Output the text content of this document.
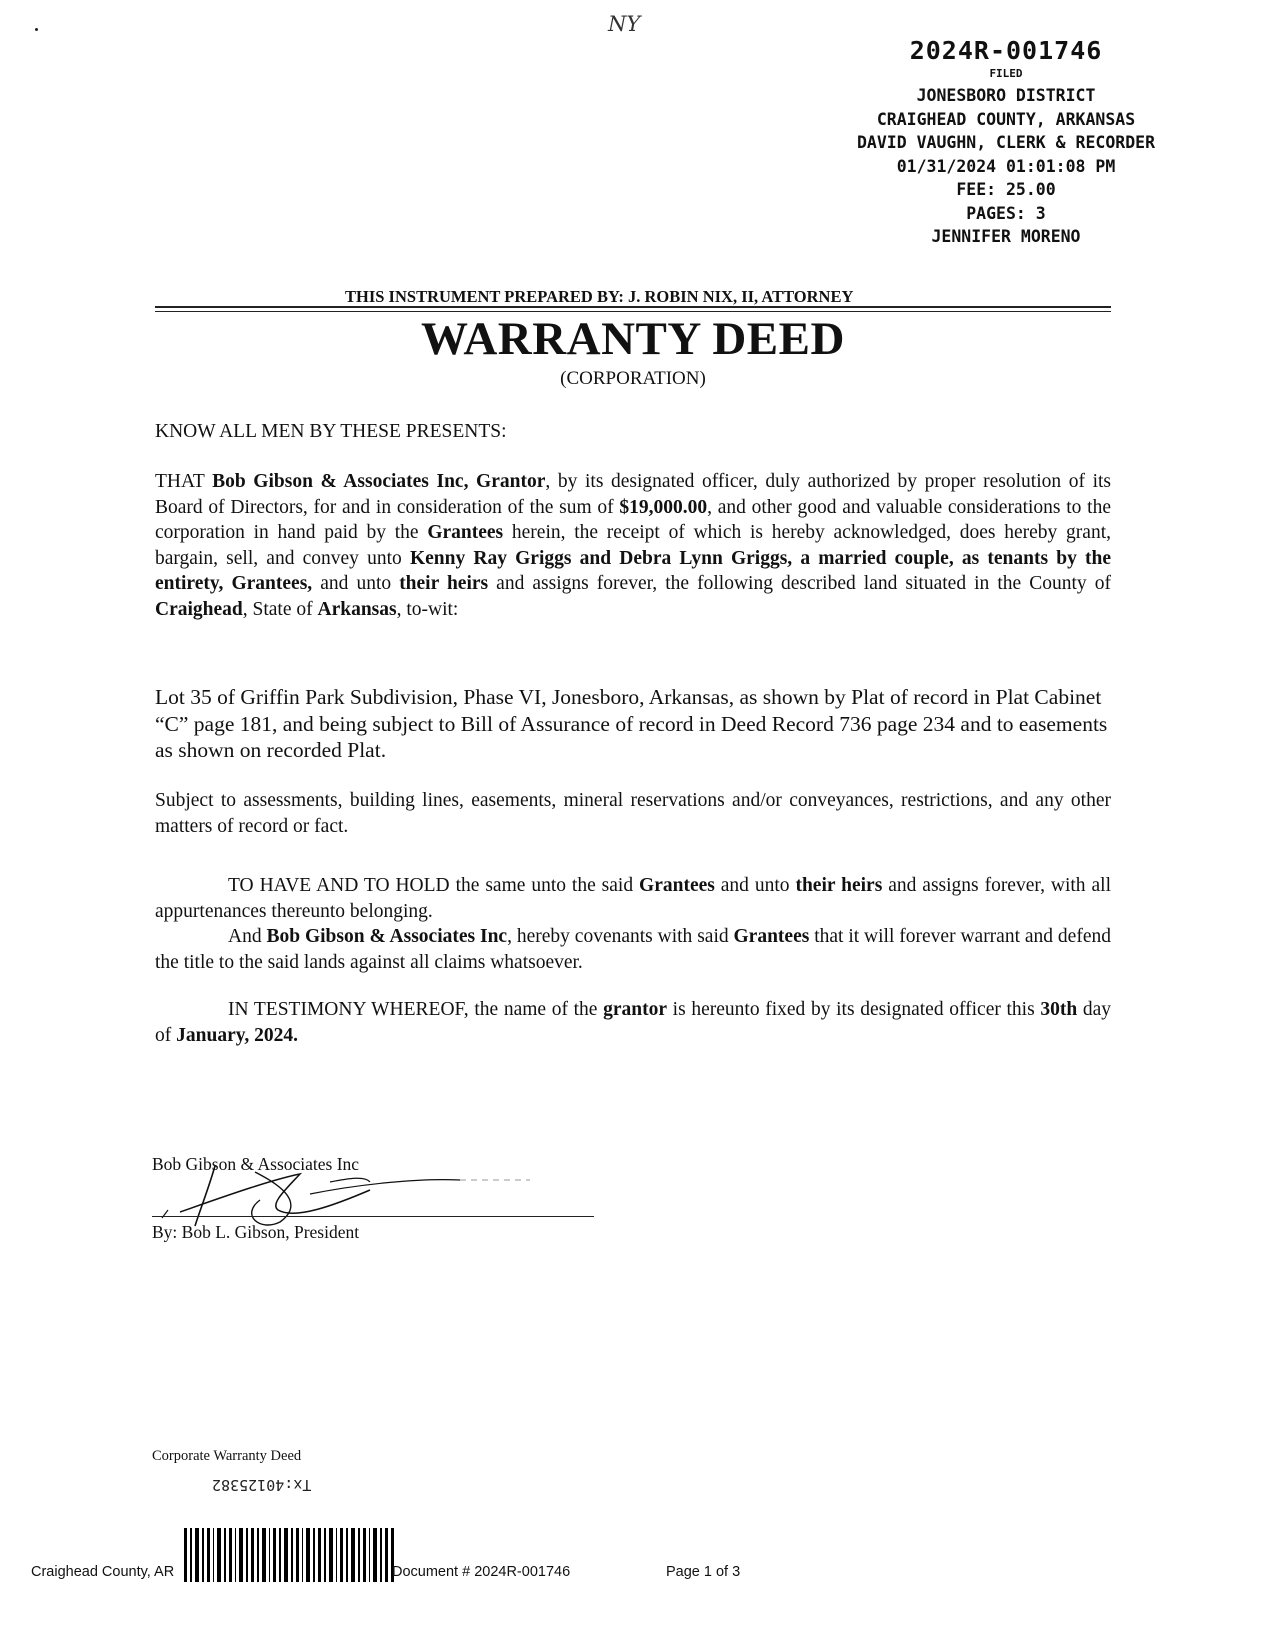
NY
2024R-001746
FILED
JONESBORO DISTRICT
CRAIGHEAD COUNTY, ARKANSAS
DAVID VAUGHN, CLERK & RECORDER
01/31/2024 01:01:08 PM
FEE: 25.00
PAGES: 3
JENNIFER MORENO
THIS INSTRUMENT PREPARED BY: J. ROBIN NIX, II, ATTORNEY
WARRANTY DEED
(CORPORATION)
KNOW ALL MEN BY THESE PRESENTS:
THAT Bob Gibson & Associates Inc, Grantor, by its designated officer, duly authorized by proper resolution of its Board of Directors, for and in consideration of the sum of $19,000.00, and other good and valuable considerations to the corporation in hand paid by the Grantees herein, the receipt of which is hereby acknowledged, does hereby grant, bargain, sell, and convey unto Kenny Ray Griggs and Debra Lynn Griggs, a married couple, as tenants by the entirety, Grantees, and unto their heirs and assigns forever, the following described land situated in the County of Craighead, State of Arkansas, to-wit:
Lot 35 of Griffin Park Subdivision, Phase VI, Jonesboro, Arkansas, as shown by Plat of record in Plat Cabinet “C” page 181, and being subject to Bill of Assurance of record in Deed Record 736 page 234 and to easements as shown on recorded Plat.
Subject to assessments, building lines, easements, mineral reservations and/or conveyances, restrictions, and any other matters of record or fact.
TO HAVE AND TO HOLD the same unto the said Grantees and unto their heirs and assigns forever, with all appurtenances thereunto belonging.
And Bob Gibson & Associates Inc, hereby covenants with said Grantees that it will forever warrant and defend the title to the said lands against all claims whatsoever.
IN TESTIMONY WHEREOF, the name of the grantor is hereunto fixed by its designated officer this 30th day of January, 2024.
Bob Gibson & Associates Inc
By: Bob L. Gibson, President
Corporate Warranty Deed
Tx:40125382
Craighead County, AR	Document # 2024R-001746	Page 1 of 3
